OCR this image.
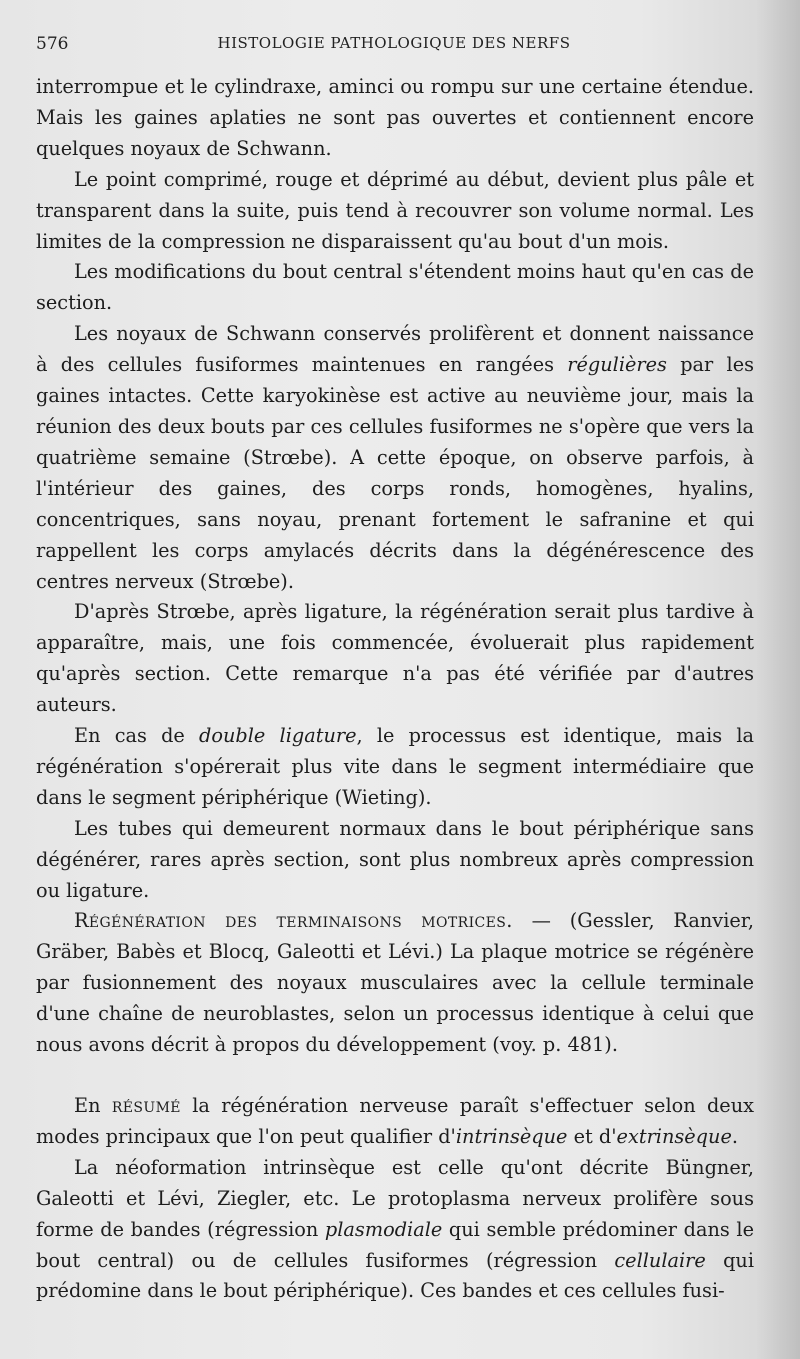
576	HISTOLOGIE PATHOLOGIQUE DES NERFS

interrompue et le cylindraxe, aminci ou rompu sur une certaine étendue. Mais les gaines aplaties ne sont pas ouvertes et contiennent encore quelques noyaux de Schwann.

Le point comprimé, rouge et déprimé au début, devient plus pâle et transparent dans la suite, puis tend à recouvrer son volume normal. Les limites de la compression ne disparaissent qu'au bout d'un mois.

Les modifications du bout central s'étendent moins haut qu'en cas de section.

Les noyaux de Schwann conservés prolifèrent et donnent naissance à des cellules fusiformes maintenues en rangées régulières par les gaines intactes. Cette karyokinèse est active au neuvième jour, mais la réunion des deux bouts par ces cellules fusiformes ne s'opère que vers la quatrième semaine (Strœbe). A cette époque, on observe parfois, à l'intérieur des gaines, des corps ronds, homogènes, hyalins, concentriques, sans noyau, prenant fortement le safranine et qui rappellent les corps amylacés décrits dans la dégénérescence des centres nerveux (Strœbe).

D'après Strœbe, après ligature, la régénération serait plus tardive à apparaître, mais, une fois commencée, évoluerait plus rapidement qu'après section. Cette remarque n'a pas été vérifiée par d'autres auteurs.

En cas de double ligature, le processus est identique, mais la régénération s'opérerait plus vite dans le segment intermédiaire que dans le segment périphérique (Wieting).

Les tubes qui demeurent normaux dans le bout périphérique sans dégénérer, rares après section, sont plus nombreux après compression ou ligature.

Régénération des terminaisons motrices. — (Gessler, Ranvier, Gräber, Babès et Blocq, Galeotti et Lévi.) La plaque motrice se régénère par fusionnement des noyaux musculaires avec la cellule terminale d'une chaîne de neuroblastes, selon un processus identique à celui que nous avons décrit à propos du développement (voy. p. 481).

En résumé la régénération nerveuse paraît s'effectuer selon deux modes principaux que l'on peut qualifier d'intrinsèque et d'extrinsèque.

La néoformation intrinsèque est celle qu'ont décrite Büngner, Galeotti et Lévi, Ziegler, etc. Le protoplasma nerveux prolifère sous forme de bandes (régression plasmodiale qui semble prédominer dans le bout central) ou de cellules fusiformes (régression cellulaire qui prédomine dans le bout périphérique). Ces bandes et ces cellules fusi-
